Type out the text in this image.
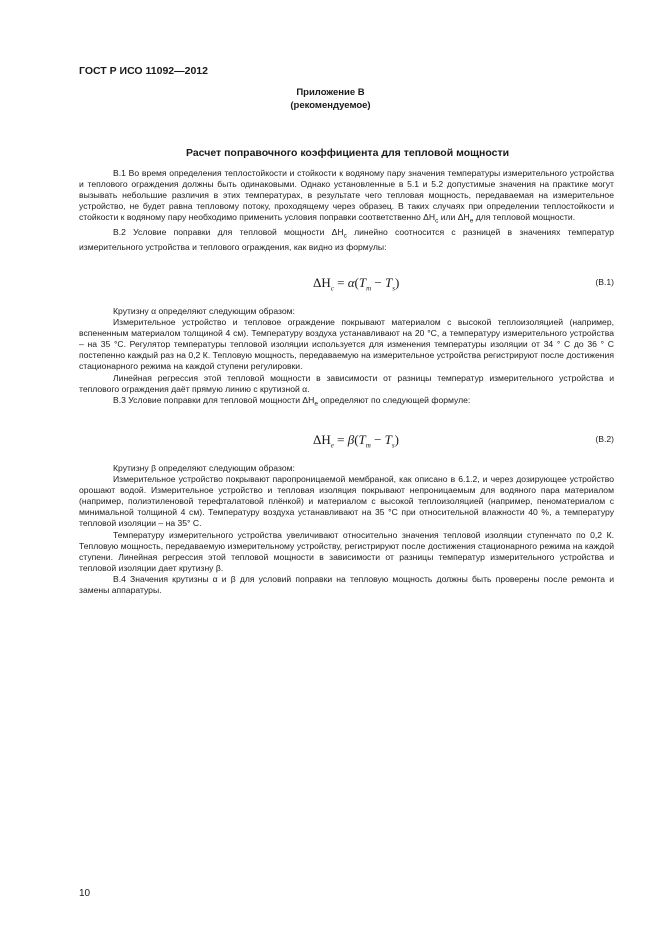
ГОСТ Р ИСО 11092—2012
Приложение В
(рекомендуемое)
Расчет поправочного коэффициента для тепловой мощности

В.1 Во время определения теплостойкости и стойкости к водяному пару значения температуры измерительного устройства и теплового ограждения должны быть одинаковыми. Однако установленные в 5.1 и 5.2 допустимые значения на практике могут вызывать небольшие различия в этих температурах, в результате чего тепловая мощность, передаваемая на измерительное устройство, не будет равна тепловому потоку, проходящему через образец. В таких случаях при определении теплостойкости и стойкости к водяному пару необходимо применить условия поправки соответственно $\Delta H_c$ или $\Delta H_e$ для тепловой мощности.

В.2 Условие поправки для тепловой мощности $\Delta H_c$ линейно соотносится с разницей в значениях температур измерительного устройства и теплового ограждения, как видно из формулы:

$\Delta H_c = \alpha(T_m - T_s)$	(В.1)

Крутизну α определяют следующим образом:

Измерительное устройство и тепловое ограждение покрывают материалом с высокой теплоизоляцией (например, вспененным материалом толщиной 4 см). Температуру воздуха устанавливают на 20 °С, а температуру измерительного устройства – на 35 °С. Регулятор температуры тепловой изоляции используется для изменения температуры изоляции от 34 ° С до 36 ° С постепенно каждый раз на 0,2 К. Тепловую мощность, передаваемую на измерительное устройства регистрируют после достижения стационарного режима на каждой ступени регулировки.

Линейная регрессия этой тепловой мощности в зависимости от разницы температур измерительного устройства и теплового ограждения даёт прямую линию с крутизной α.

В.3 Условие поправки для тепловой мощности $\Delta H_e$ определяют по следующей формуле:

$\Delta H_e = \beta(T_m - T_s)$	(В.2)

Крутизну β определяют следующим образом:

Измерительное устройство покрывают паропроницаемой мембраной, как описано в 6.1.2, и через дозирующее устройство орошают водой. Измерительное устройство и тепловая изоляция покрывают непроницаемым для водяного пара материалом (например, полиэтиленовой терефталатовой плёнкой) и материалом с высокой теплоизоляцией (например, пеноматериалом с минимальной толщиной 4 см). Температуру воздуха устанавливают на 35 °С при относительной влажности 40 %, а температуру тепловой изоляции – на 35° С.

Температуру измерительного устройства увеличивают относительно значения тепловой изоляции ступенчато по 0,2 К. Тепловую мощность, передаваемую измерительному устройству, регистрируют после достижения стационарного режима на каждой ступени. Линейная регрессия этой тепловой мощности в зависимости от разницы температур измерительного устройства и тепловой изоляции дает крутизну β.

В.4 Значения крутизны α и β для условий поправки на тепловую мощность должны быть проверены после ремонта и замены аппаратуры.

10
